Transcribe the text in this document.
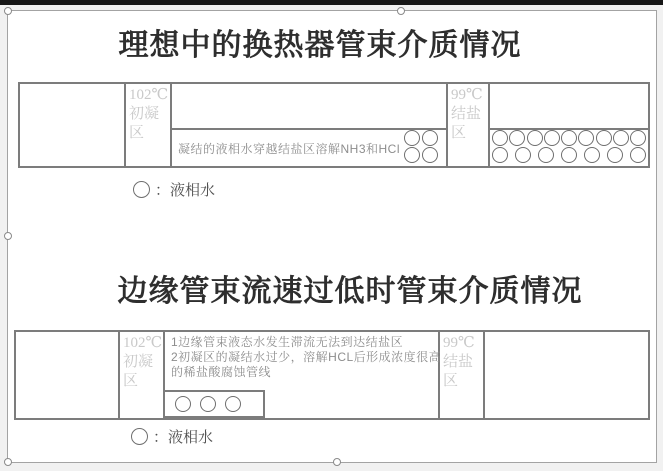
理想中的换热器管束介质情况
102℃初凝区
99℃结盐区
凝结的液相水穿越结盐区溶解NH3和HCl
：液相水
边缘管束流速过低时管束介质情况
102℃初凝区
99℃结盐区
1边缘管束液态水发生滞流无法到达结盐区
2初凝区的凝结水过少，溶解HCL后形成浓度很高
的稀盐酸腐蚀管线
：液相水
